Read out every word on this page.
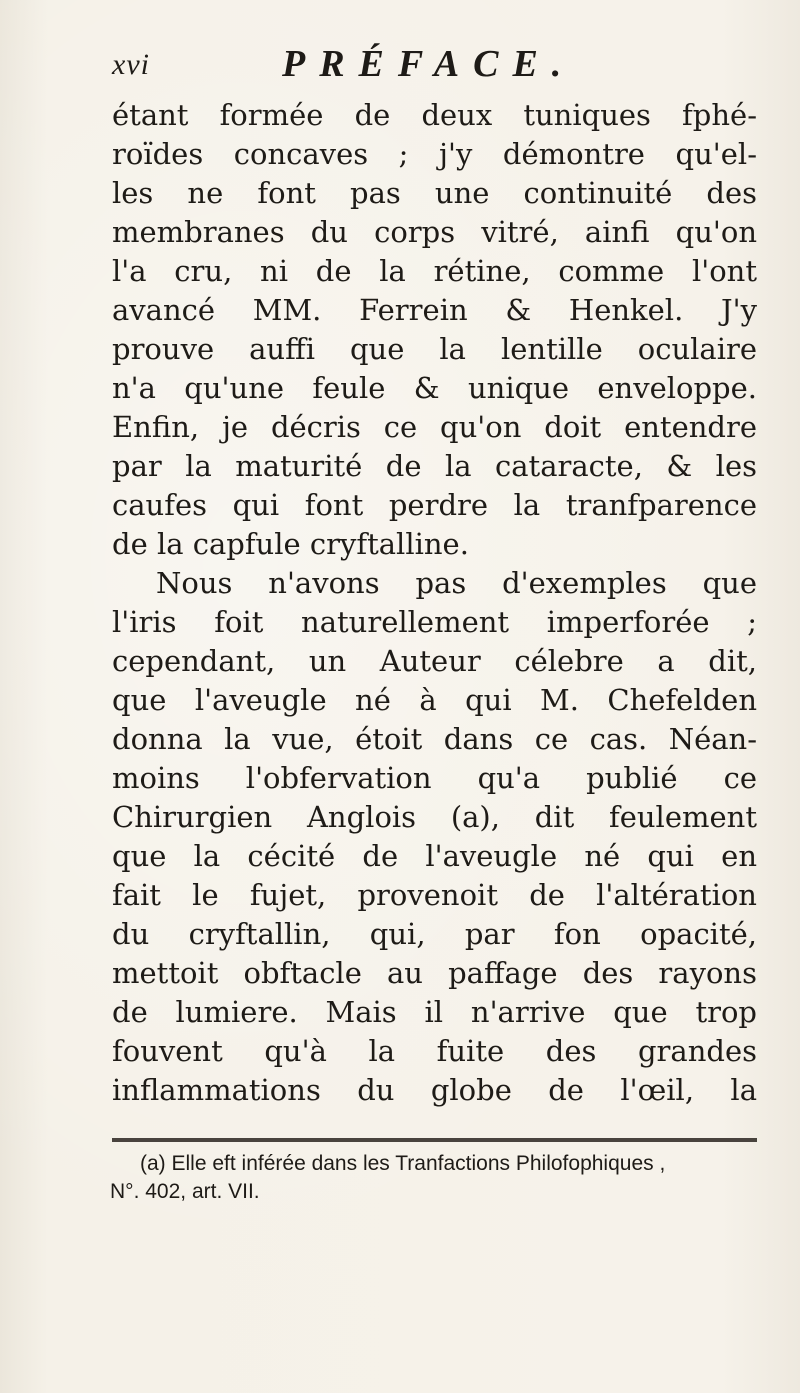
xvi	PRÉFACE.
étant formée de deux tuniques fphé-
roïdes concaves ; j'y démontre qu'el-
les ne font pas une continuité des
membranes du corps vitré, ainfi qu'on
l'a cru, ni de la rétine, comme l'ont
avancé MM. Ferrein & Henkel. J'y
prouve auffi que la lentille oculaire
n'a qu'une feule & unique enveloppe.
Enfin, je décris ce qu'on doit entendre
par la maturité de la cataracte, & les
caufes qui font perdre la tranfparence
de la capfule cryftalline.
Nous n'avons pas d'exemples que
l'iris foit naturellement imperforée ;
cependant, un Auteur célebre a dit,
que l'aveugle né à qui M. Chefelden
donna la vue, étoit dans ce cas. Néan-
moins l'obfervation qu'a publié ce
Chirurgien Anglois (a), dit feulement
que la cécité de l'aveugle né qui en
fait le fujet, provenoit de l'altération
du cryftallin, qui, par fon opacité,
mettoit obftacle au paffage des rayons
de lumiere. Mais il n'arrive que trop
fouvent qu'à la fuite des grandes
inflammations du globe de l'œil, la
(a) Elle eft inférée dans les Tranfactions Philofophiques ,
N°. 402, art. VII.
